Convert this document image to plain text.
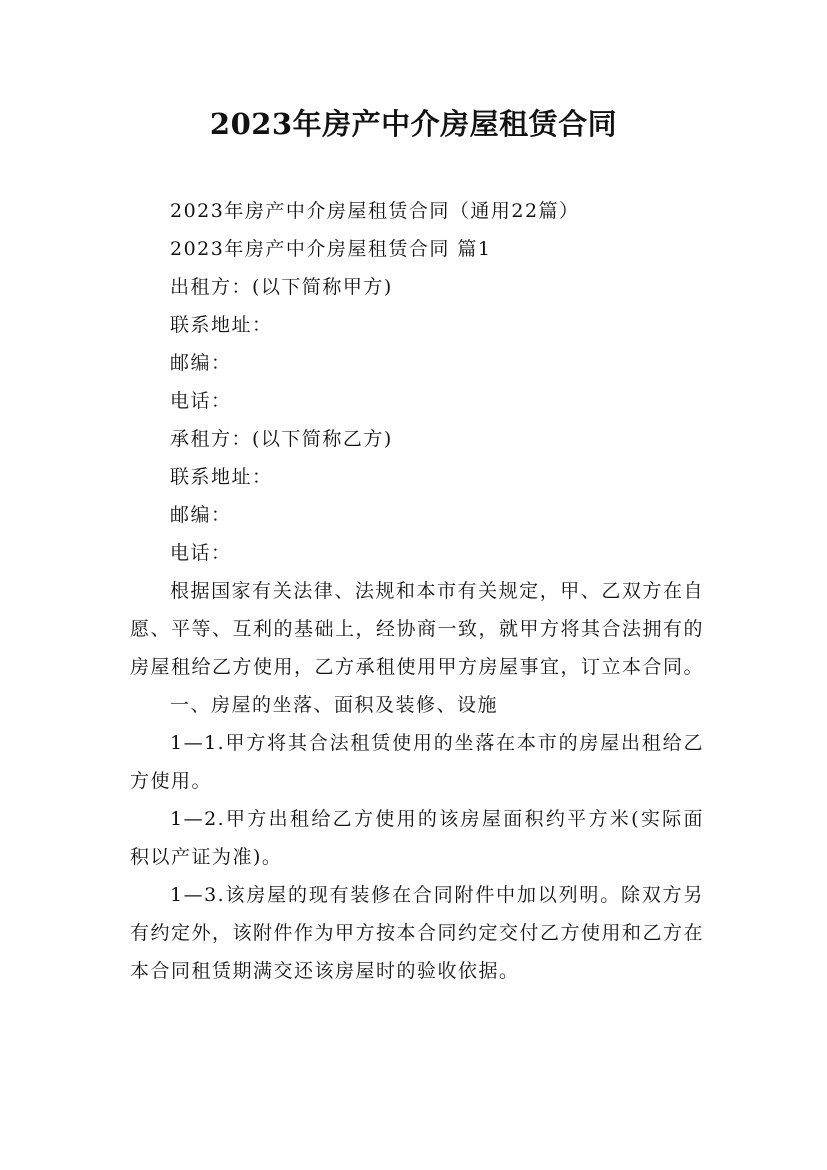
2023年房产中介房屋租赁合同
2023年房产中介房屋租赁合同（通用22篇）
2023年房产中介房屋租赁合同 篇1
出租方：(以下简称甲方)
联系地址：
邮编：
电话：
承租方：(以下简称乙方)
联系地址：
邮编：
电话：
根据国家有关法律、法规和本市有关规定，甲、乙双方在自愿、平等、互利的基础上，经协商一致，就甲方将其合法拥有的房屋租给乙方使用，乙方承租使用甲方房屋事宜，订立本合同。
一、房屋的坐落、面积及装修、设施
1—1.甲方将其合法租赁使用的坐落在本市的房屋出租给乙方使用。
1—2.甲方出租给乙方使用的该房屋面积约平方米(实际面积以产证为准)。
1—3.该房屋的现有装修在合同附件中加以列明。除双方另有约定外，该附件作为甲方按本合同约定交付乙方使用和乙方在本合同租赁期满交还该房屋时的验收依据。
